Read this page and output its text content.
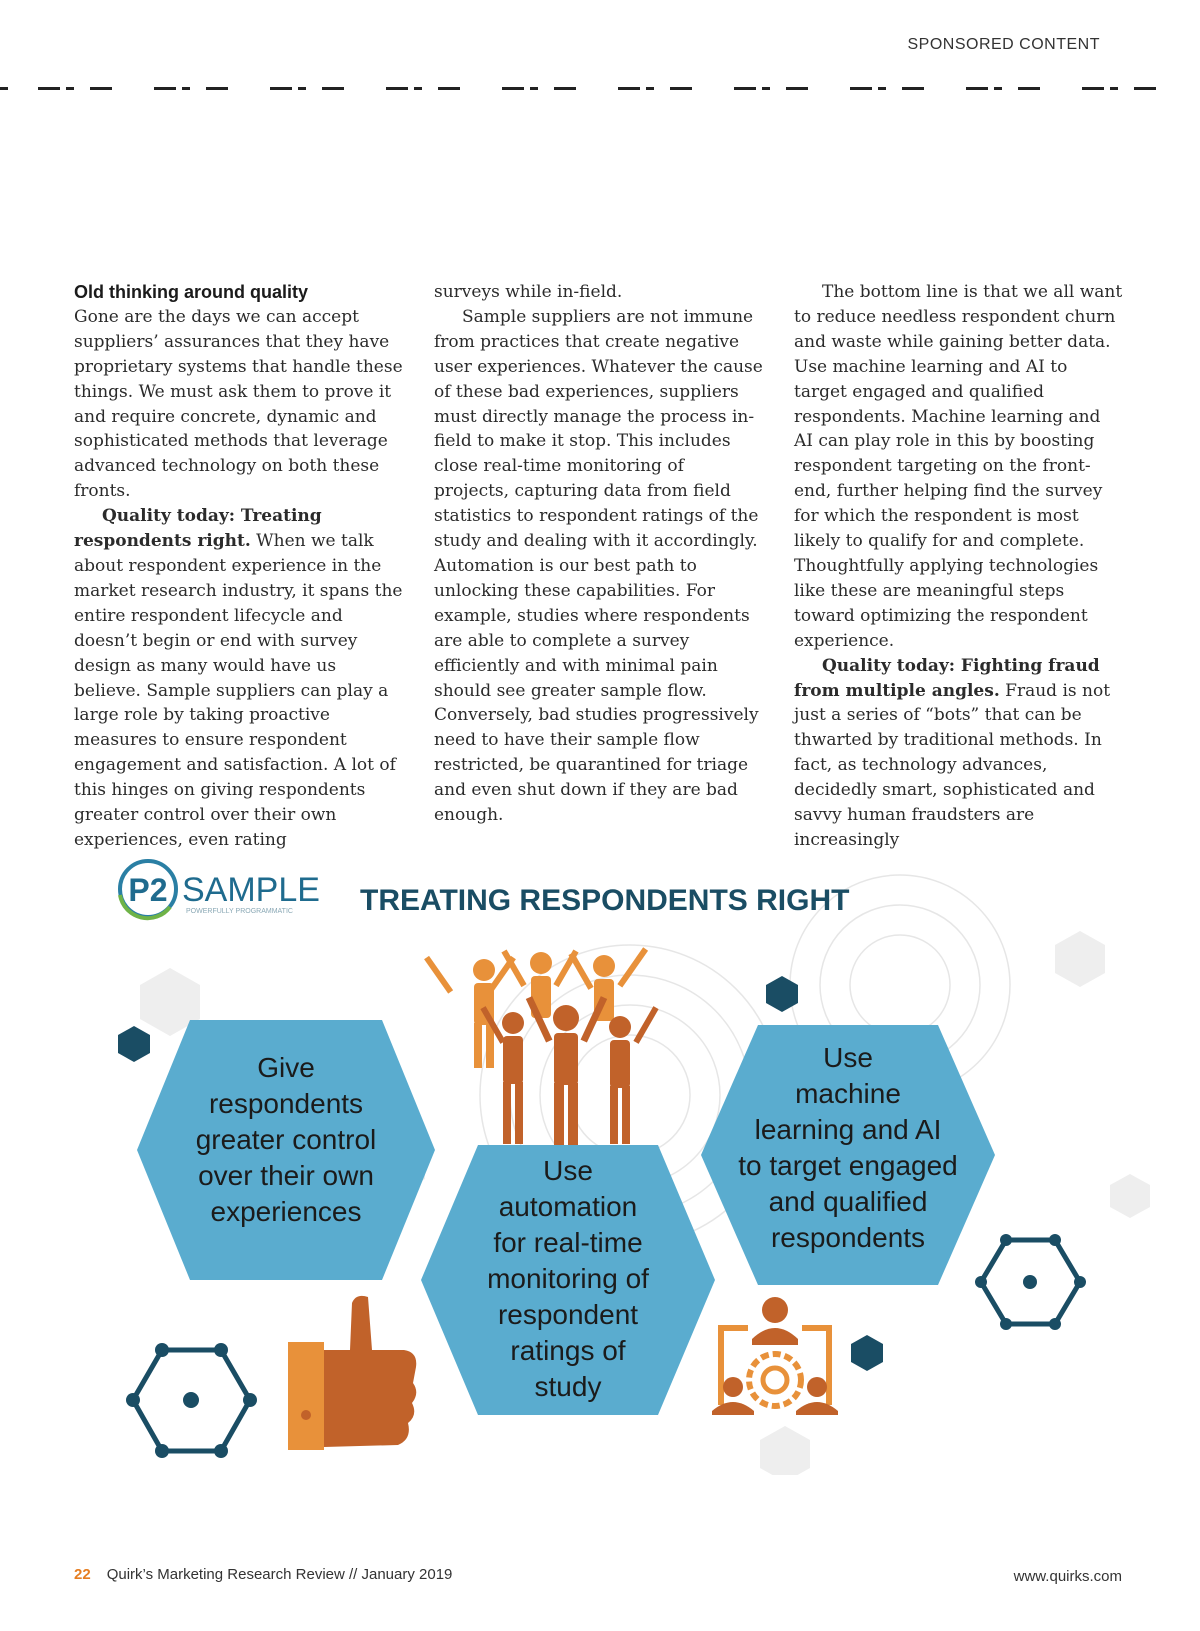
SPONSORED CONTENT
Old thinking around quality

Gone are the days we can accept suppliers’ assurances that they have proprietary systems that handle these things. We must ask them to prove it and require concrete, dynamic and sophisticated methods that leverage advanced technology on both these fronts.

Quality today: Treating respondents right. When we talk about respondent experience in the market research industry, it spans the entire respondent lifecycle and doesn’t begin or end with survey design as many would have us believe. Sample suppliers can play a large role by taking proactive measures to ensure respondent engagement and satisfaction. A lot of this hinges on giving respondents greater control over their own experiences, even rating

surveys while in-field.

Sample suppliers are not immune from practices that create negative user experiences. Whatever the cause of these bad experiences, suppliers must directly manage the process in-field to make it stop. This includes close real-time monitoring of projects, capturing data from field statistics to respondent ratings of the study and dealing with it accordingly. Automation is our best path to unlocking these capabilities. For example, studies where respondents are able to complete a survey efficiently and with minimal pain should see greater sample flow. Conversely, bad studies progressively need to have their sample flow restricted, be quarantined for triage and even shut down if they are bad enough.

The bottom line is that we all want to reduce needless respondent churn and waste while gaining better data. Use machine learning and AI to target engaged and qualified respondents. Machine learning and AI can play role in this by boosting respondent targeting on the front-end, further helping find the survey for which the respondent is most likely to qualify for and complete. Thoughtfully applying technologies like these are meaningful steps toward optimizing the respondent experience.

Quality today: Fighting fraud from multiple angles. Fraud is not just a series of “bots” that can be thwarted by traditional methods. In fact, as technology advances, decidedly smart, sophisticated and savvy human fraudsters are increasingly

P2 SAMPLE
POWERFULLY PROGRAMMATIC TREATING RESPONDENTS RIGHT
Give
respondents
greater control
over their own
experiences
Use
automation
for real-time
monitoring of
respondent
ratings of
study
Use
machine
learning and AI
to target engaged
and qualified
respondents
22 Quirk’s Marketing Research Review // January 2019	www.quirks.com
